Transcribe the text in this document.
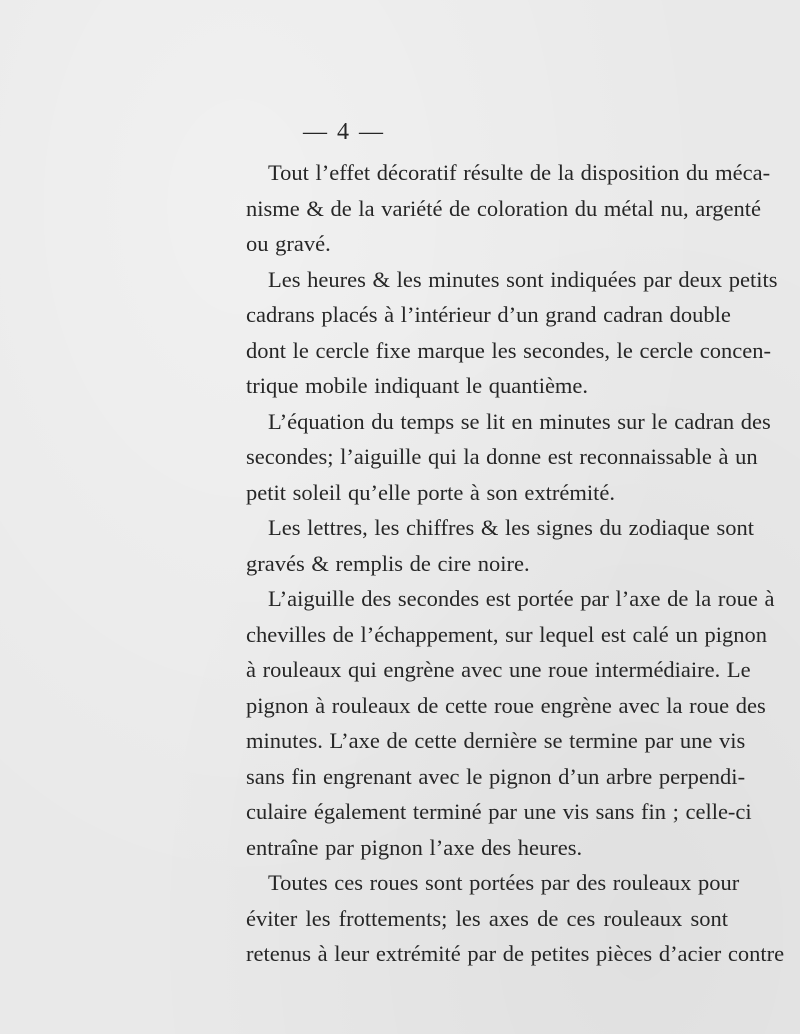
— 4 —

Tout l’effet décoratif résulte de la disposition du méca-
nisme & de la variété de coloration du métal nu, argenté
ou gravé.

Les heures & les minutes sont indiquées par deux petits
cadrans placés à l’intérieur d’un grand cadran double
dont le cercle fixe marque les secondes, le cercle concen-
trique mobile indiquant le quantième.

L’équation du temps se lit en minutes sur le cadran des
secondes; l’aiguille qui la donne est reconnaissable à un
petit soleil qu’elle porte à son extrémité.

Les lettres, les chiffres & les signes du zodiaque sont
gravés & remplis de cire noire.

L’aiguille des secondes est portée par l’axe de la roue à
chevilles de l’échappement, sur lequel est calé un pignon
à rouleaux qui engrène avec une roue intermédiaire. Le
pignon à rouleaux de cette roue engrène avec la roue des
minutes. L’axe de cette dernière se termine par une vis
sans fin engrenant avec le pignon d’un arbre perpendi-
culaire également terminé par une vis sans fin ; celle-ci
entraîne par pignon l’axe des heures.

Toutes ces roues sont portées par des rouleaux pour
éviter les frottements; les axes de ces rouleaux sont
retenus à leur extrémité par de petites pièces d’acier contre
